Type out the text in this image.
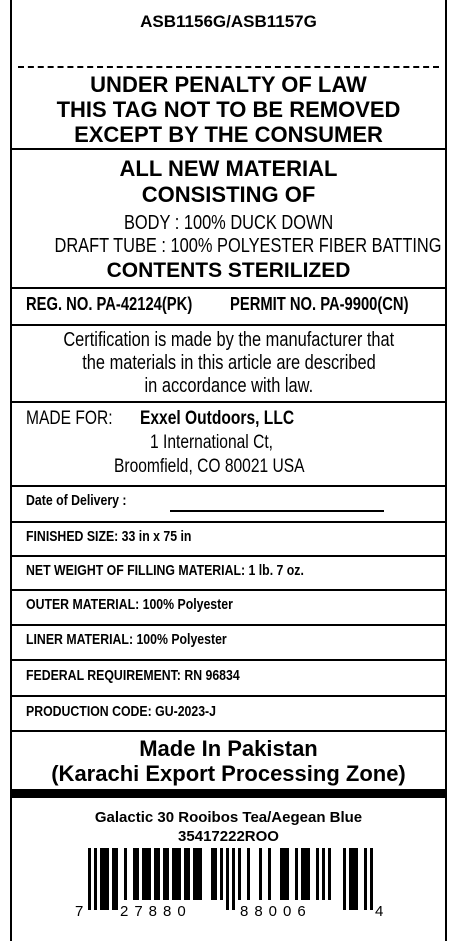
ASB1156G/ASB1157G
UNDER PENALTY OF LAW
THIS TAG NOT TO BE REMOVED
EXCEPT BY THE CONSUMER
ALL NEW MATERIAL
CONSISTING OF
BODY : 100% DUCK DOWN
DRAFT TUBE : 100% POLYESTER FIBER BATTING
CONTENTS STERILIZED
REG. NO. PA-42124(PK) PERMIT NO. PA-9900(CN)
Certification is made by the manufacturer that
the materials in this article are described
in accordance with law.
MADE FOR: Exxel Outdoors, LLC
1 International Ct,
Broomfield, CO 80021 USA
Date of Delivery :
FINISHED SIZE: 33 in x 75 in
NET WEIGHT OF FILLING MATERIAL: 1 lb. 7 oz.
OUTER MATERIAL: 100% Polyester
LINER MATERIAL: 100% Polyester
FEDERAL REQUIREMENT: RN 96834
PRODUCTION CODE: GU-2023-J
Made In Pakistan
(Karachi Export Processing Zone)
Galactic 30 Rooibos Tea/Aegean Blue
35417222ROO
7 27880	88006	4
